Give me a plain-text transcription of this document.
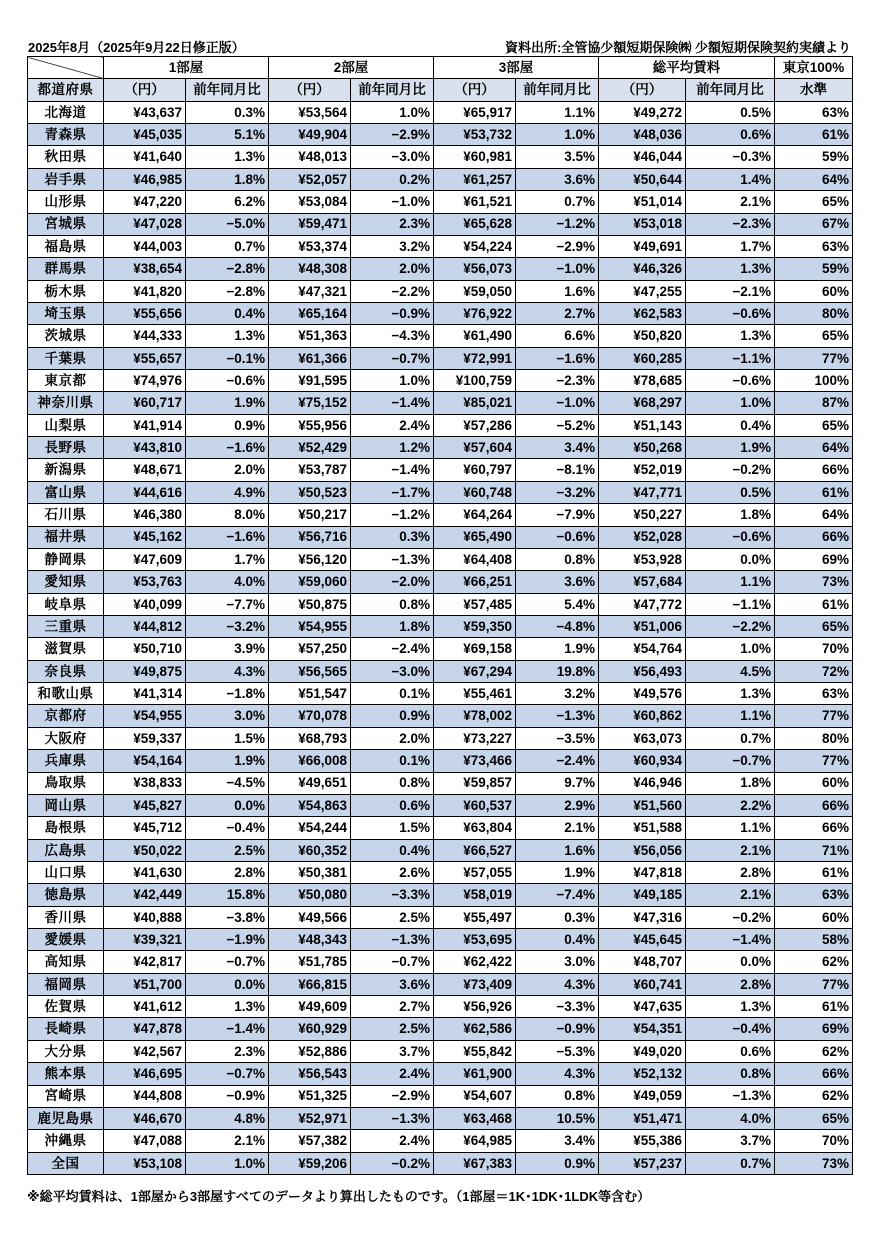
2025年8月（2025年9月22日修正版）	資料出所:全管協少額短期保険㈱ 少額短期保険契約実績より
	1部屋		2部屋		3部屋		総平均賃料		東京100%
都道府県	（円）	前年同月比	（円）	前年同月比	（円）	前年同月比	（円）	前年同月比	水準
北海道	¥43,637	0.3%	¥53,564	1.0%	¥65,917	1.1%	¥49,272	0.5%	63%
青森県	¥45,035	5.1%	¥49,904	−2.9%	¥53,732	1.0%	¥48,036	0.6%	61%
秋田県	¥41,640	1.3%	¥48,013	−3.0%	¥60,981	3.5%	¥46,044	−0.3%	59%
岩手県	¥46,985	1.8%	¥52,057	0.2%	¥61,257	3.6%	¥50,644	1.4%	64%
山形県	¥47,220	6.2%	¥53,084	−1.0%	¥61,521	0.7%	¥51,014	2.1%	65%
宮城県	¥47,028	−5.0%	¥59,471	2.3%	¥65,628	−1.2%	¥53,018	−2.3%	67%
福島県	¥44,003	0.7%	¥53,374	3.2%	¥54,224	−2.9%	¥49,691	1.7%	63%
群馬県	¥38,654	−2.8%	¥48,308	2.0%	¥56,073	−1.0%	¥46,326	1.3%	59%
栃木県	¥41,820	−2.8%	¥47,321	−2.2%	¥59,050	1.6%	¥47,255	−2.1%	60%
埼玉県	¥55,656	0.4%	¥65,164	−0.9%	¥76,922	2.7%	¥62,583	−0.6%	80%
茨城県	¥44,333	1.3%	¥51,363	−4.3%	¥61,490	6.6%	¥50,820	1.3%	65%
千葉県	¥55,657	−0.1%	¥61,366	−0.7%	¥72,991	−1.6%	¥60,285	−1.1%	77%
東京都	¥74,976	−0.6%	¥91,595	1.0%	¥100,759	−2.3%	¥78,685	−0.6%	100%
神奈川県	¥60,717	1.9%	¥75,152	−1.4%	¥85,021	−1.0%	¥68,297	1.0%	87%
山梨県	¥41,914	0.9%	¥55,956	2.4%	¥57,286	−5.2%	¥51,143	0.4%	65%
長野県	¥43,810	−1.6%	¥52,429	1.2%	¥57,604	3.4%	¥50,268	1.9%	64%
新潟県	¥48,671	2.0%	¥53,787	−1.4%	¥60,797	−8.1%	¥52,019	−0.2%	66%
富山県	¥44,616	4.9%	¥50,523	−1.7%	¥60,748	−3.2%	¥47,771	0.5%	61%
石川県	¥46,380	8.0%	¥50,217	−1.2%	¥64,264	−7.9%	¥50,227	1.8%	64%
福井県	¥45,162	−1.6%	¥56,716	0.3%	¥65,490	−0.6%	¥52,028	−0.6%	66%
静岡県	¥47,609	1.7%	¥56,120	−1.3%	¥64,408	0.8%	¥53,928	0.0%	69%
愛知県	¥53,763	4.0%	¥59,060	−2.0%	¥66,251	3.6%	¥57,684	1.1%	73%
岐阜県	¥40,099	−7.7%	¥50,875	0.8%	¥57,485	5.4%	¥47,772	−1.1%	61%
三重県	¥44,812	−3.2%	¥54,955	1.8%	¥59,350	−4.8%	¥51,006	−2.2%	65%
滋賀県	¥50,710	3.9%	¥57,250	−2.4%	¥69,158	1.9%	¥54,764	1.0%	70%
奈良県	¥49,875	4.3%	¥56,565	−3.0%	¥67,294	19.8%	¥56,493	4.5%	72%
和歌山県	¥41,314	−1.8%	¥51,547	0.1%	¥55,461	3.2%	¥49,576	1.3%	63%
京都府	¥54,955	3.0%	¥70,078	0.9%	¥78,002	−1.3%	¥60,862	1.1%	77%
大阪府	¥59,337	1.5%	¥68,793	2.0%	¥73,227	−3.5%	¥63,073	0.7%	80%
兵庫県	¥54,164	1.9%	¥66,008	0.1%	¥73,466	−2.4%	¥60,934	−0.7%	77%
鳥取県	¥38,833	−4.5%	¥49,651	0.8%	¥59,857	9.7%	¥46,946	1.8%	60%
岡山県	¥45,827	0.0%	¥54,863	0.6%	¥60,537	2.9%	¥51,560	2.2%	66%
島根県	¥45,712	−0.4%	¥54,244	1.5%	¥63,804	2.1%	¥51,588	1.1%	66%
広島県	¥50,022	2.5%	¥60,352	0.4%	¥66,527	1.6%	¥56,056	2.1%	71%
山口県	¥41,630	2.8%	¥50,381	2.6%	¥57,055	1.9%	¥47,818	2.8%	61%
徳島県	¥42,449	15.8%	¥50,080	−3.3%	¥58,019	−7.4%	¥49,185	2.1%	63%
香川県	¥40,888	−3.8%	¥49,566	2.5%	¥55,497	0.3%	¥47,316	−0.2%	60%
愛媛県	¥39,321	−1.9%	¥48,343	−1.3%	¥53,695	0.4%	¥45,645	−1.4%	58%
高知県	¥42,817	−0.7%	¥51,785	−0.7%	¥62,422	3.0%	¥48,707	0.0%	62%
福岡県	¥51,700	0.0%	¥66,815	3.6%	¥73,409	4.3%	¥60,741	2.8%	77%
佐賀県	¥41,612	1.3%	¥49,609	2.7%	¥56,926	−3.3%	¥47,635	1.3%	61%
長崎県	¥47,878	−1.4%	¥60,929	2.5%	¥62,586	−0.9%	¥54,351	−0.4%	69%
大分県	¥42,567	2.3%	¥52,886	3.7%	¥55,842	−5.3%	¥49,020	0.6%	62%
熊本県	¥46,695	−0.7%	¥56,543	2.4%	¥61,900	4.3%	¥52,132	0.8%	66%
宮崎県	¥44,808	−0.9%	¥51,325	−2.9%	¥54,607	0.8%	¥49,059	−1.3%	62%
鹿児島県	¥46,670	4.8%	¥52,971	−1.3%	¥63,468	10.5%	¥51,471	4.0%	65%
沖縄県	¥47,088	2.1%	¥57,382	2.4%	¥64,985	3.4%	¥55,386	3.7%	70%
全国	¥53,108	1.0%	¥59,206	−0.2%	¥67,383	0.9%	¥57,237	0.7%	73%
※総平均賃料は、1部屋から3部屋すべてのデータより算出したものです。（1部屋＝1K･1DK･1LDK等含む）
